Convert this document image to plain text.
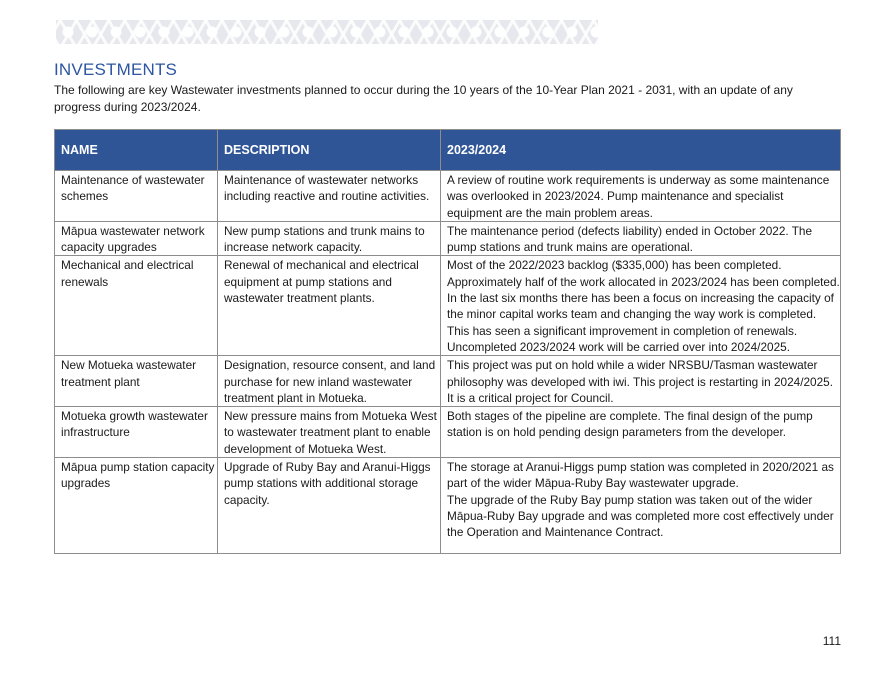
INVESTMENTS

The following are key Wastewater investments planned to occur during the 10 years of the 10-Year Plan 2021 - 2031, with an update of any progress during 2023/2024.

NAME	DESCRIPTION	2023/2024
Maintenance of wastewater schemes	Maintenance of wastewater networks including reactive and routine activities.	A review of routine work requirements is underway as some maintenance was overlooked in 2023/2024. Pump maintenance and specialist equipment are the main problem areas.
Māpua wastewater network capacity upgrades	New pump stations and trunk mains to increase network capacity.	The maintenance period (defects liability) ended in October 2022. The pump stations and trunk mains are operational.
Mechanical and electrical renewals	Renewal of mechanical and electrical equipment at pump stations and wastewater treatment plants.	Most of the 2022/2023 backlog ($335,000) has been completed. Approximately half of the work allocated in 2023/2024 has been completed. In the last six months there has been a focus on increasing the capacity of the minor capital works team and changing the way work is completed. This has seen a significant improvement in completion of renewals.
Uncompleted 2023/2024 work will be carried over into 2024/2025.
New Motueka wastewater treatment plant	Designation, resource consent, and land purchase for new inland wastewater treatment plant in Motueka.	This project was put on hold while a wider NRSBU/Tasman wastewater philosophy was developed with iwi. This project is restarting in 2024/2025. It is a critical project for Council.
Motueka growth wastewater infrastructure	New pressure mains from Motueka West to wastewater treatment plant to enable development of Motueka West.	Both stages of the pipeline are complete. The final design of the pump station is on hold pending design parameters from the developer.
Māpua pump station capacity upgrades	Upgrade of Ruby Bay and Aranui-Higgs pump stations with additional storage capacity.	The storage at Aranui-Higgs pump station was completed in 2020/2021 as part of the wider Māpua-Ruby Bay wastewater upgrade.
The upgrade of the Ruby Bay pump station was taken out of the wider Māpua-Ruby Bay upgrade and was completed more cost effectively under the Operation and Maintenance Contract.
111
